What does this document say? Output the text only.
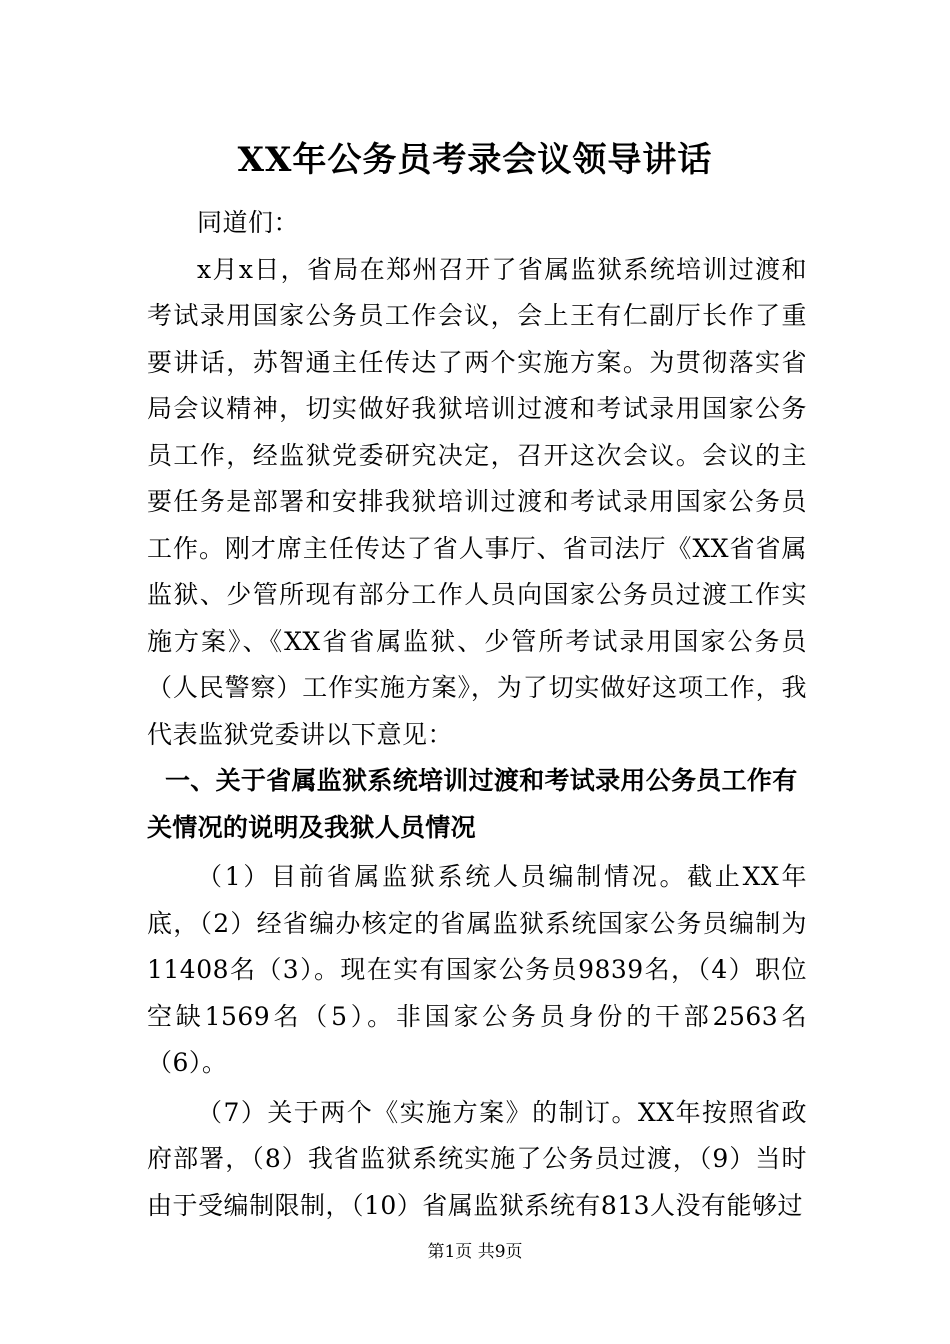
XX年公务员考录会议领导讲话

同道们：

x月x日，省局在郑州召开了省属监狱系统培训过渡和考试录用国家公务员工作会议，会上王有仁副厅长作了重要讲话，苏智通主任传达了两个实施方案。为贯彻落实省局会议精神，切实做好我狱培训过渡和考试录用国家公务员工作，经监狱党委研究决定，召开这次会议。会议的主要任务是部署和安排我狱培训过渡和考试录用国家公务员工作。刚才席主任传达了省人事厅、省司法厅《XX省省属监狱、少管所现有部分工作人员向国家公务员过渡工作实施方案》、《XX省省属监狱、少管所考试录用国家公务员（人民警察）工作实施方案》，为了切实做好这项工作，我代表监狱党委讲以下意见：

一、关于省属监狱系统培训过渡和考试录用公务员工作有关情况的说明及我狱人员情况

（1）目前省属监狱系统人员编制情况。截止XX年底，（2）经省编办核定的省属监狱系统国家公务员编制为11408名（3）。现在实有国家公务员9839名，（4）职位空缺1569名（5）。非国家公务员身份的干部2563名（6）。

（7）关于两个《实施方案》的制订。XX年按照省政府部署，（8）我省监狱系统实施了公务员过渡，（9）当时由于受编制限制，（10）省属监狱系统有813人没有能够过

第1页 共9页
